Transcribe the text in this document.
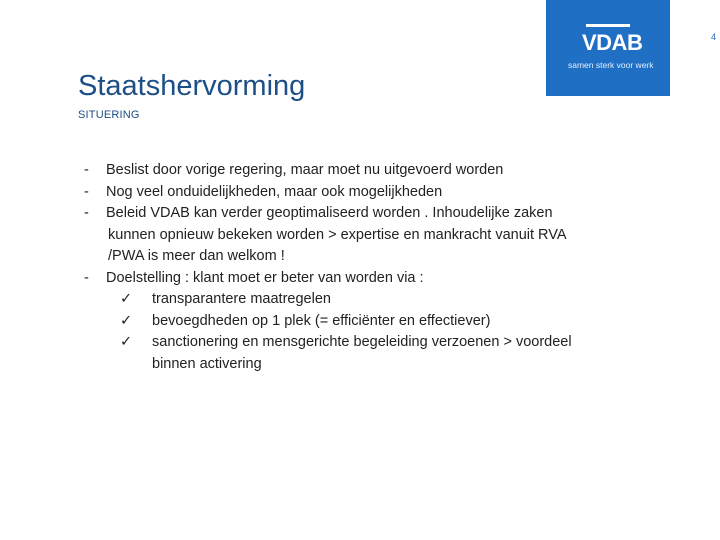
4
VDAB
samen sterk voor werk
Staatshervorming
SITUERING
- Beslist door vorige regering, maar moet nu uitgevoerd worden
- Nog veel onduidelijkheden, maar ook mogelijkheden
- Beleid VDAB kan verder geoptimaliseerd worden . Inhoudelijke zaken
kunnen opnieuw bekeken worden > expertise en mankracht vanuit RVA
/PWA is meer dan welkom !
- Doelstelling : klant moet er beter van worden via :
✓ transparantere maatregelen
✓ bevoegdheden op 1 plek (= efficiënter en effectiever)
✓ sanctionering en mensgerichte begeleiding verzoenen > voordeel
binnen activering
